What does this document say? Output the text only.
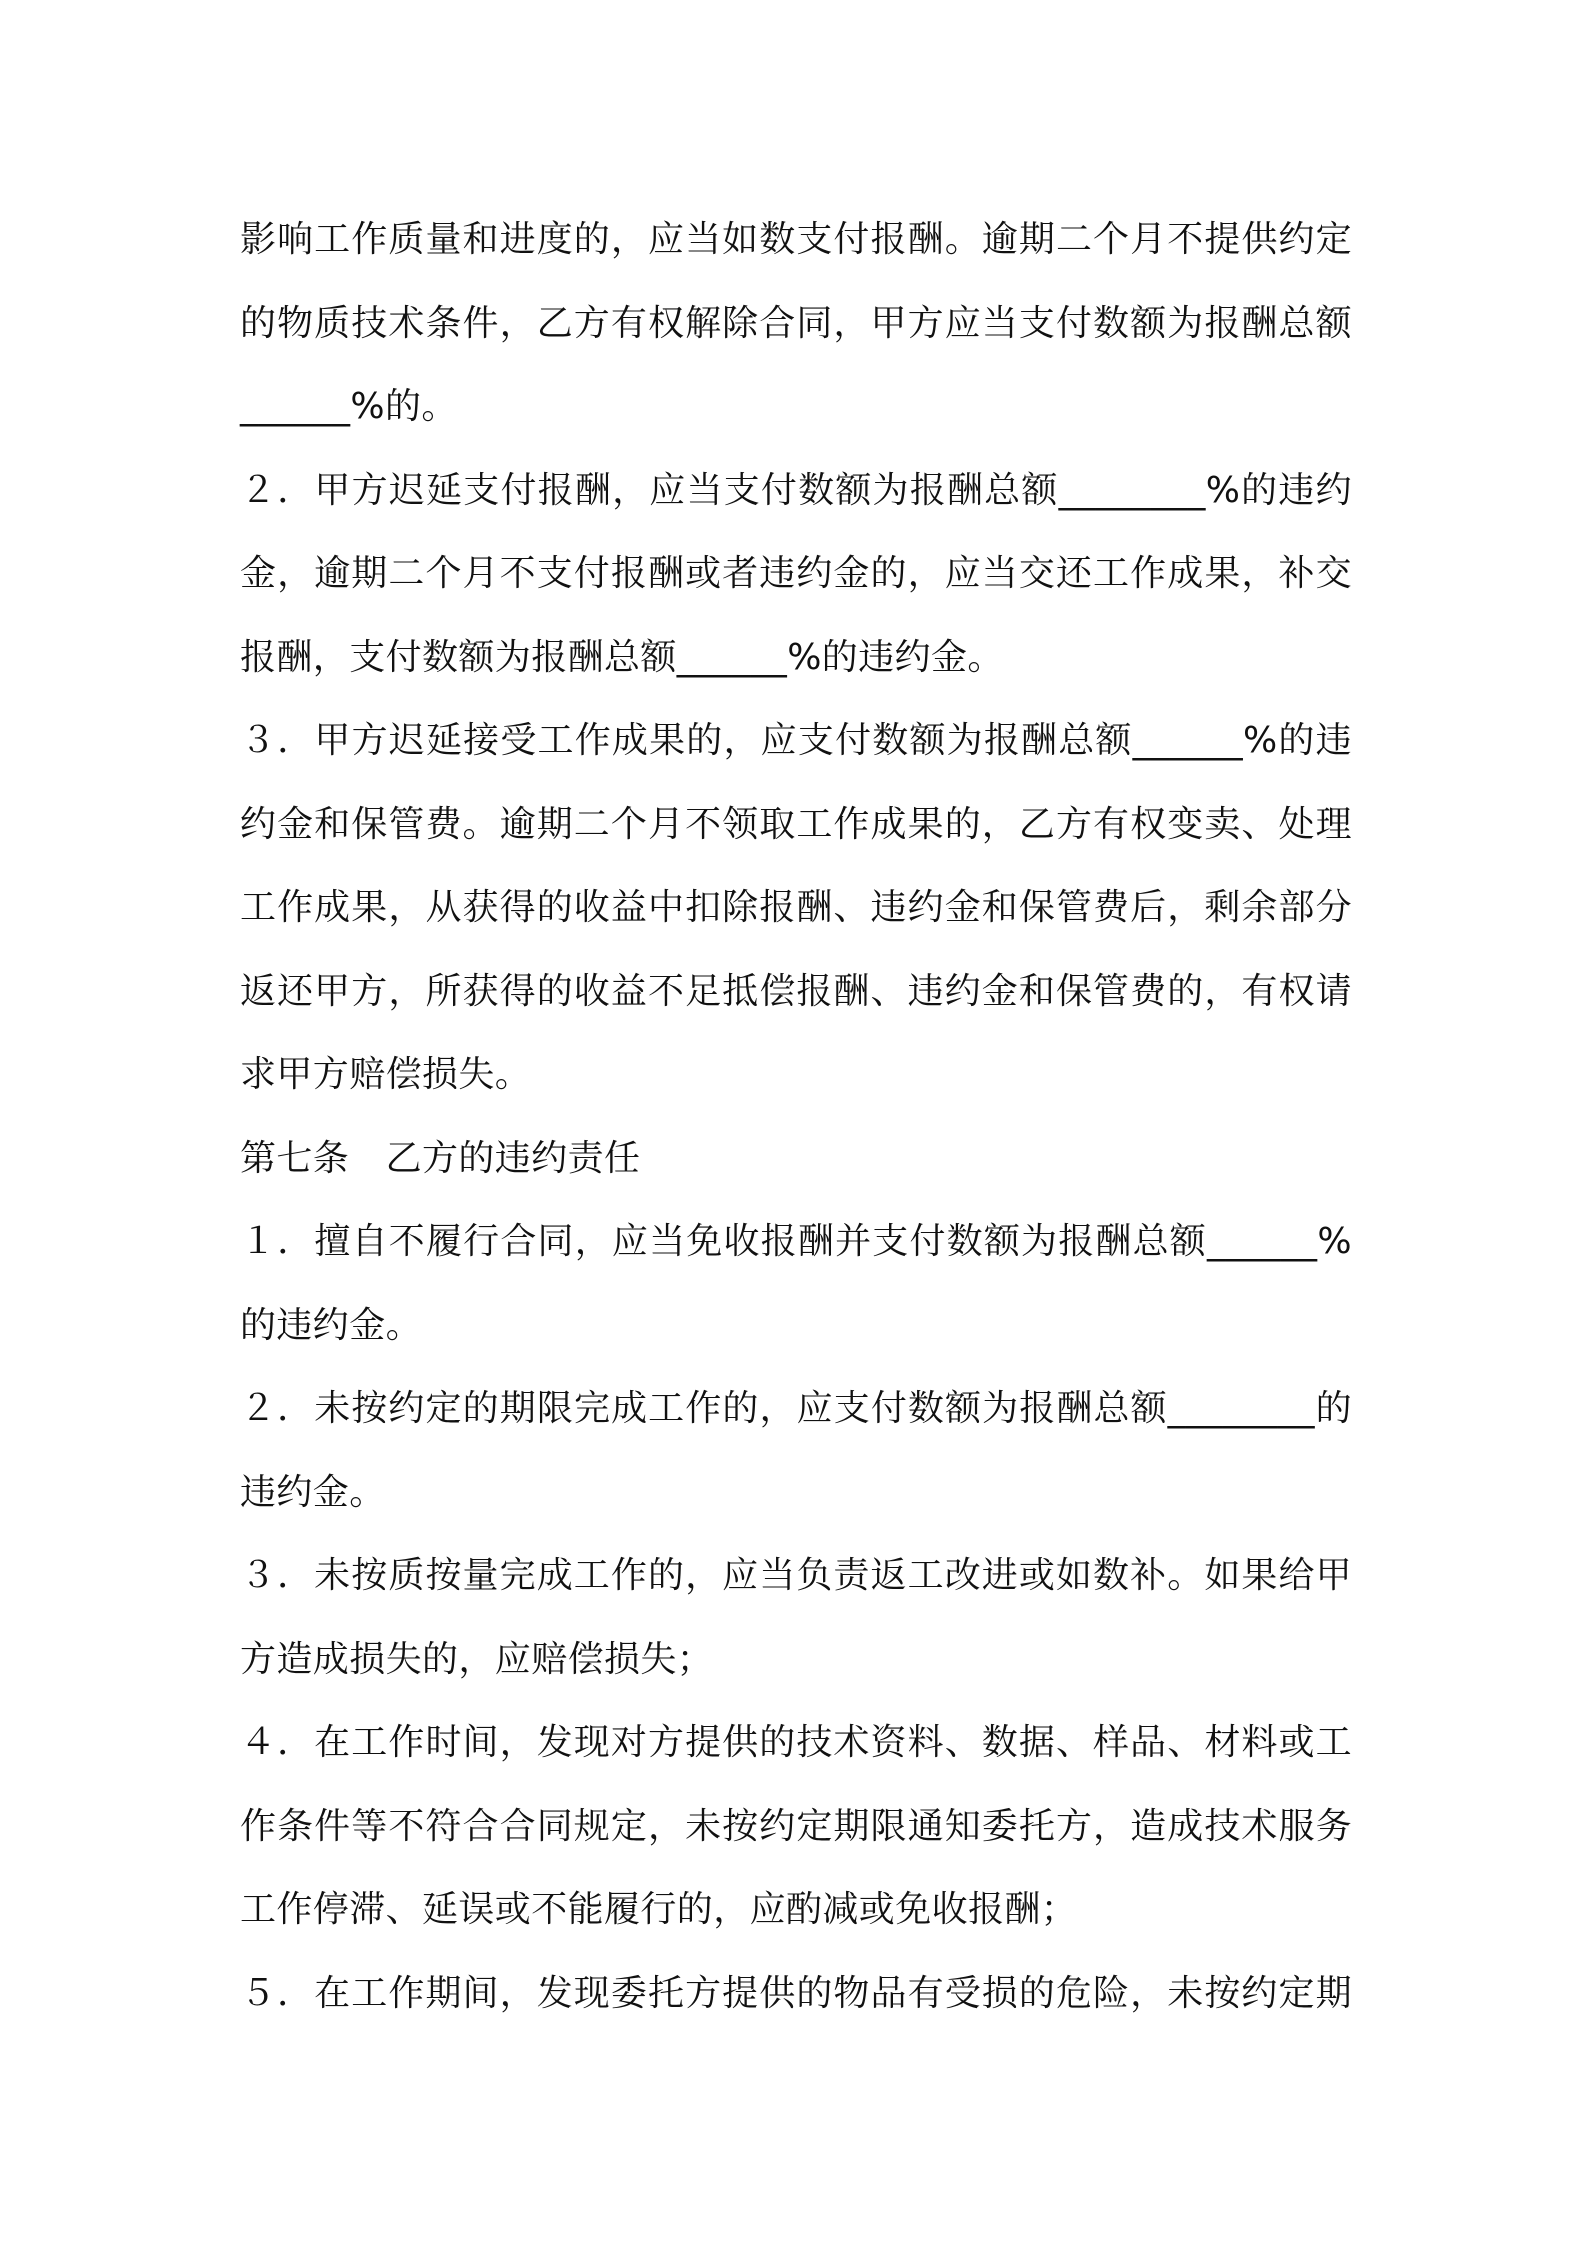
影响工作质量和进度的，应当如数支付报酬。逾期二个月不提供约定
的物质技术条件，乙方有权解除合同，甲方应当支付数额为报酬总额
______%的。
２．甲方迟延支付报酬，应当支付数额为报酬总额________%的违约
金，逾期二个月不支付报酬或者违约金的，应当交还工作成果，补交
报酬，支付数额为报酬总额______%的违约金。
３．甲方迟延接受工作成果的，应支付数额为报酬总额______%的违
约金和保管费。逾期二个月不领取工作成果的，乙方有权变卖、处理
工作成果，从获得的收益中扣除报酬、违约金和保管费后，剩余部分
返还甲方，所获得的收益不足抵偿报酬、违约金和保管费的，有权请
求甲方赔偿损失。
第七条　乙方的违约责任
１．擅自不履行合同，应当免收报酬并支付数额为报酬总额______%
的违约金。
２．未按约定的期限完成工作的，应支付数额为报酬总额________的
违约金。
３．未按质按量完成工作的，应当负责返工改进或如数补。如果给甲
方造成损失的，应赔偿损失；
４．在工作时间，发现对方提供的技术资料、数据、样品、材料或工
作条件等不符合合同规定，未按约定期限通知委托方，造成技术服务
工作停滞、延误或不能履行的，应酌减或免收报酬；
５．在工作期间，发现委托方提供的物品有受损的危险，未按约定期
